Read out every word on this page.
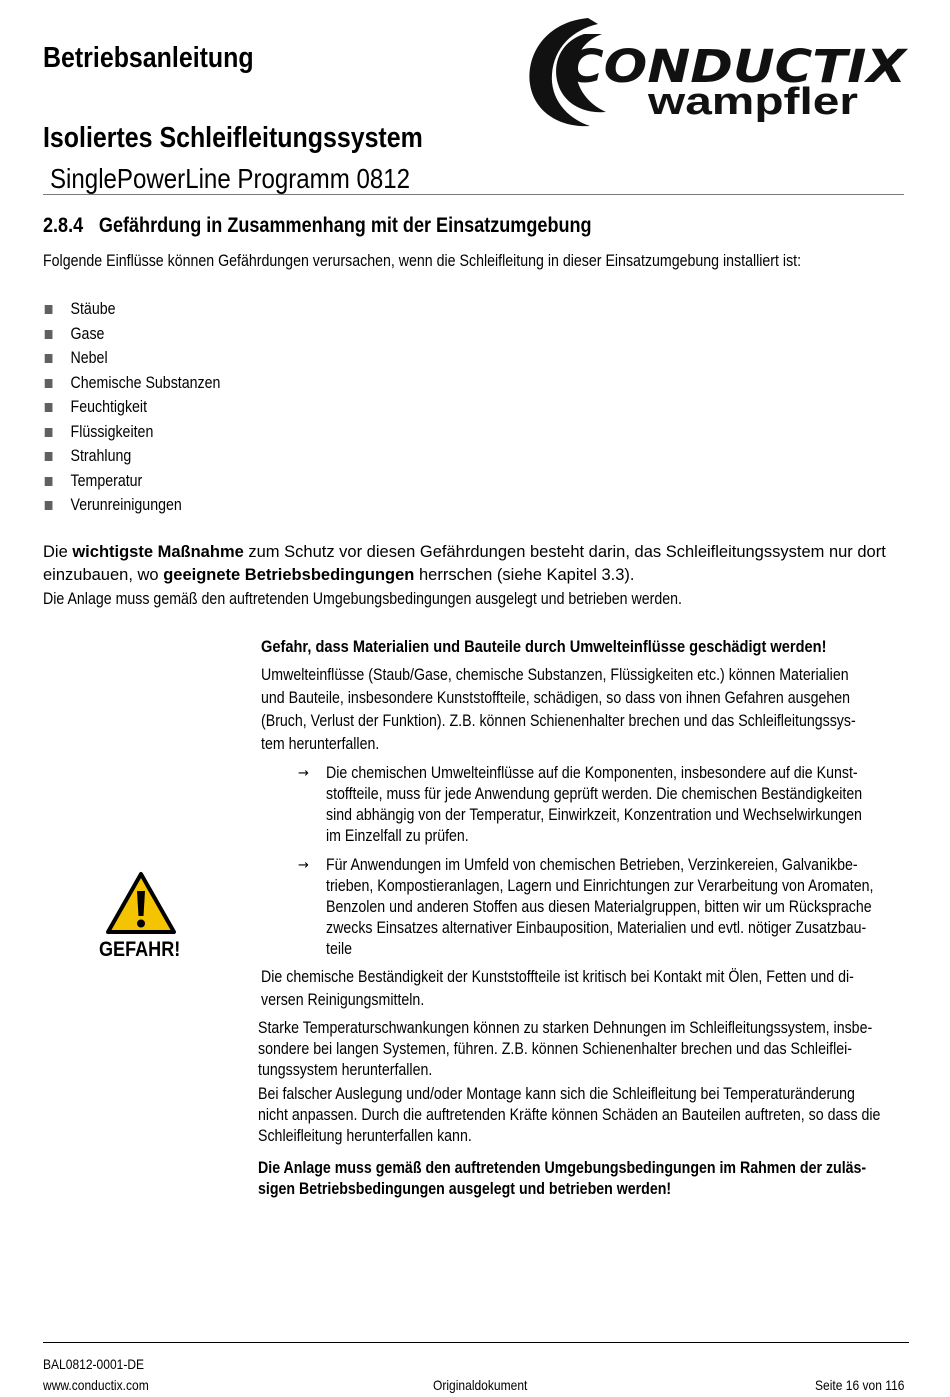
Betriebsanleitung
Isoliertes Schleifleitungssystem
SinglePowerLine Programm 0812
CONDUCTIX
wampfler
2.8.4 Gefährdung in Zusammenhang mit der Einsatzumgebung
Folgende Einflüsse können Gefährdungen verursachen, wenn die Schleifleitung in dieser Einsatzumgebung installiert ist:
Stäube
Gase
Nebel
Chemische Substanzen
Feuchtigkeit
Flüssigkeiten
Strahlung
Temperatur
Verunreinigungen
Die wichtigste Maßnahme zum Schutz vor diesen Gefährdungen besteht darin, das Schleifleitungssystem nur dort einzubauen, wo geeignete Betriebsbedingungen herrschen (siehe Kapitel 3.3).
Die Anlage muss gemäß den auftretenden Umgebungsbedingungen ausgelegt und betrieben werden.
GEFAHR!
Gefahr, dass Materialien und Bauteile durch Umwelteinflüsse geschädigt werden!
Umwelteinflüsse (Staub/Gase, chemische Substanzen, Flüssigkeiten etc.) können Materialien
und Bauteile, insbesondere Kunststoffteile, schädigen, so dass von ihnen Gefahren ausgehen
(Bruch, Verlust der Funktion). Z.B. können Schienenhalter brechen und das Schleifleitungssys-
tem herunterfallen.
→ Die chemischen Umwelteinflüsse auf die Komponenten, insbesondere auf die Kunst-
stoffteile, muss für jede Anwendung geprüft werden. Die chemischen Beständigkeiten
sind abhängig von der Temperatur, Einwirkzeit, Konzentration und Wechselwirkungen
im Einzelfall zu prüfen.
→ Für Anwendungen im Umfeld von chemischen Betrieben, Verzinkereien, Galvanikbe-
trieben, Kompostieranlagen, Lagern und Einrichtungen zur Verarbeitung von Aromaten,
Benzolen und anderen Stoffen aus diesen Materialgruppen, bitten wir um Rücksprache
zwecks Einsatzes alternativer Einbauposition, Materialien und evtl. nötiger Zusatzbau-
teile
Die chemische Beständigkeit der Kunststoffteile ist kritisch bei Kontakt mit Ölen, Fetten und di-
versen Reinigungsmitteln.
Starke Temperaturschwankungen können zu starken Dehnungen im Schleifleitungssystem, insbe-
sondere bei langen Systemen, führen. Z.B. können Schienenhalter brechen und das Schleiflei-
tungssystem herunterfallen.
Bei falscher Auslegung und/oder Montage kann sich die Schleifleitung bei Temperaturänderung
nicht anpassen. Durch die auftretenden Kräfte können Schäden an Bauteilen auftreten, so dass die
Schleifleitung herunterfallen kann.
Die Anlage muss gemäß den auftretenden Umgebungsbedingungen im Rahmen der zuläs-
sigen Betriebsbedingungen ausgelegt und betrieben werden!
BAL0812-0001-DE
www.conductix.com	Originaldokument	Seite 16 von 116
